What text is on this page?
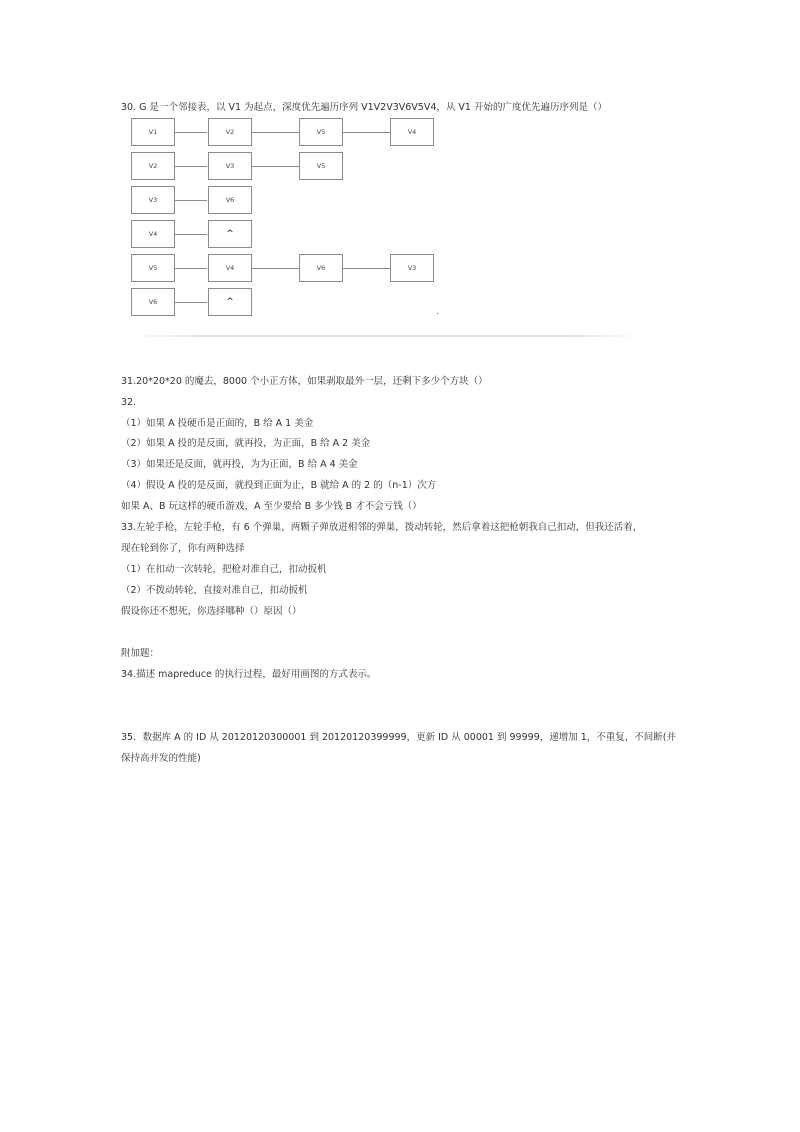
30. G 是一个邻接表，以 V1 为起点，深度优先遍历序列 V1V2V3V6V5V4，从 V1 开始的广度优先遍历序列是（）
V1	V2	V5	V4
V2	V3	V5
V3	V6
V4	^
V5	V4	V6	V3
V6	^
31.20*20*20 的魔去，8000 个小正方体，如果剥取最外一层，还剩下多少个方块（）
32.
（1）如果 A 投硬币是正面的，B 给 A 1 美金
（2）如果 A 投的是反面，就再投，为正面，B 给 A 2 美金
（3）如果还是反面，就再投，为为正面，B 给 A 4 美金
（4）假设 A 投的是反面，就投到正面为止，B 就给 A 的 2 的（n-1）次方
如果 A、B 玩这样的硬币游戏，A 至少要给 B 多少钱 B 才不会亏钱（）
33.左轮手枪，左轮手枪，有 6 个弹巢，两颗子弹放进相邻的弹巢，拨动转轮，然后拿着这把枪朝我自己扣动，但我还活着，
现在轮到你了，你有两种选择
（1）在扣动一次转轮，把枪对准自己，扣动扳机
（2）不拨动转轮，直接对准自己，扣动扳机
假设你还不想死，你选择哪种（）原因（）
附加题：
34.描述 mapreduce 的执行过程，最好用画图的方式表示。
35．数据库 A 的 ID 从 20120120300001 到 20120120399999，更新 ID 从 00001 到 99999，递增加 1，不重复，不间断(并
保持高并发的性能)
